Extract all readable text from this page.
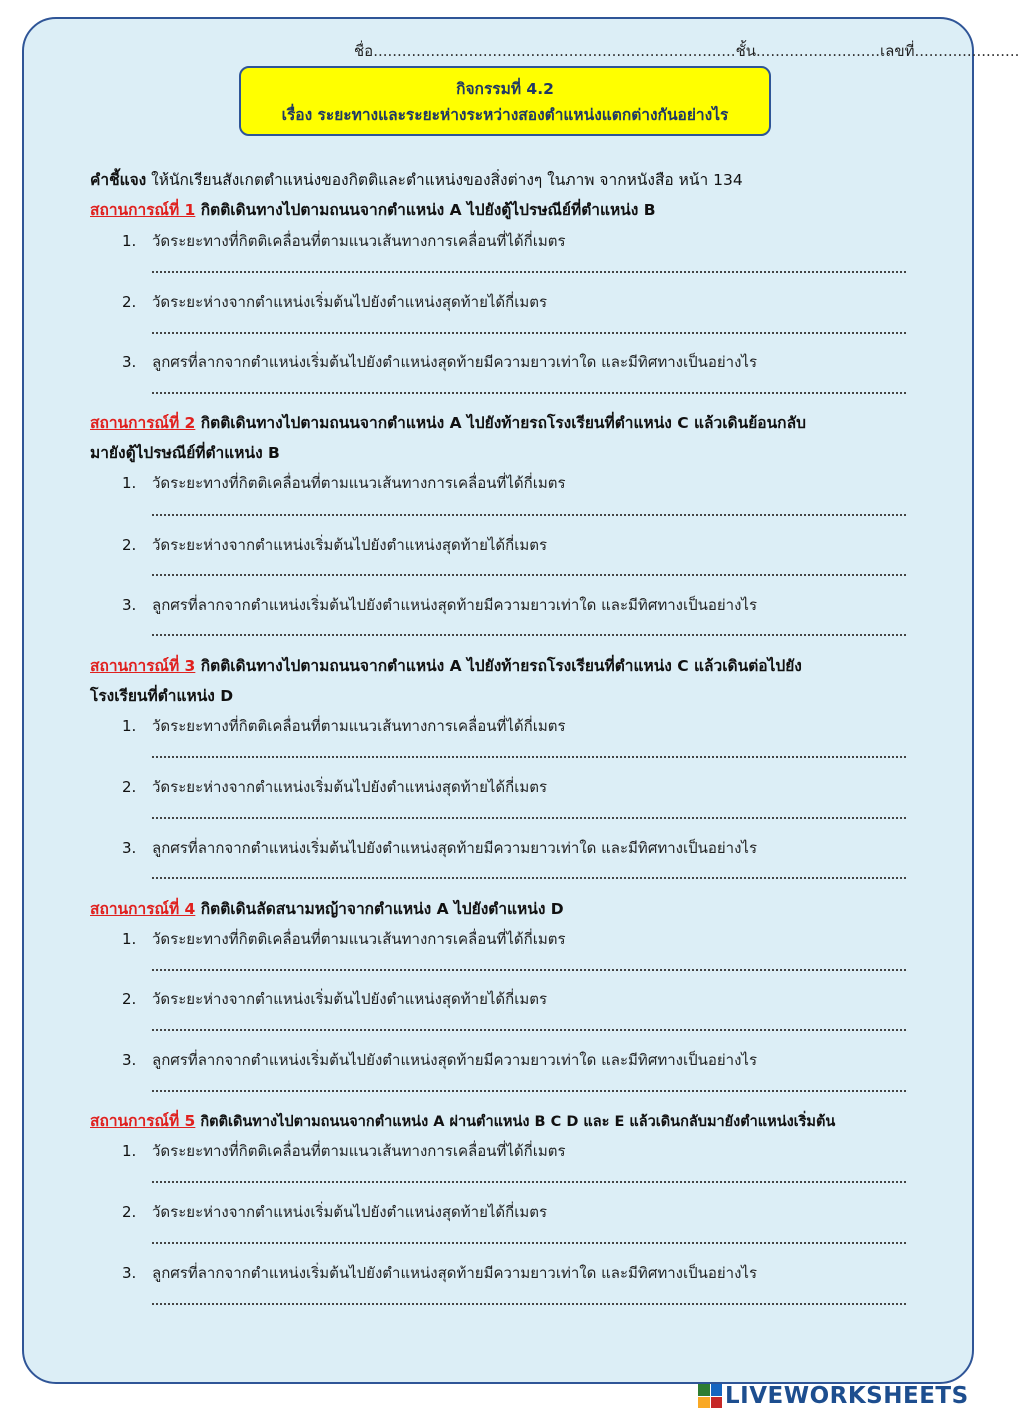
ชื่อ............................................................................ชั้น..........................เลขที่......................
กิจกรรมที่ 4.2
เรื่อง ระยะทางและระยะห่างระหว่างสองตำแหน่งแตกต่างกันอย่างไร
คำชี้แจง ให้นักเรียนสังเกตตำแหน่งของกิตติและตำแหน่งของสิ่งต่างๆ ในภาพ จากหนังสือ หน้า 134
สถานการณ์ที่ 1 กิตติเดินทางไปตามถนนจากตำแหน่ง A ไปยังตู้ไปรษณีย์ที่ตำแหน่ง B
1. วัดระยะทางที่กิตติเคลื่อนที่ตามแนวเส้นทางการเคลื่อนที่ได้กี่เมตร
2. วัดระยะห่างจากตำแหน่งเริ่มต้นไปยังตำแหน่งสุดท้ายได้กี่เมตร
3. ลูกศรที่ลากจากตำแหน่งเริ่มต้นไปยังตำแหน่งสุดท้ายมีความยาวเท่าใด และมีทิศทางเป็นอย่างไร
สถานการณ์ที่ 2 กิตติเดินทางไปตามถนนจากตำแหน่ง A ไปยังท้ายรถโรงเรียนที่ตำแหน่ง C แล้วเดินย้อนกลับ
มายังตู้ไปรษณีย์ที่ตำแหน่ง B
1. วัดระยะทางที่กิตติเคลื่อนที่ตามแนวเส้นทางการเคลื่อนที่ได้กี่เมตร
2. วัดระยะห่างจากตำแหน่งเริ่มต้นไปยังตำแหน่งสุดท้ายได้กี่เมตร
3. ลูกศรที่ลากจากตำแหน่งเริ่มต้นไปยังตำแหน่งสุดท้ายมีความยาวเท่าใด และมีทิศทางเป็นอย่างไร
สถานการณ์ที่ 3 กิตติเดินทางไปตามถนนจากตำแหน่ง A ไปยังท้ายรถโรงเรียนที่ตำแหน่ง C แล้วเดินต่อไปยัง
โรงเรียนที่ตำแหน่ง D
1. วัดระยะทางที่กิตติเคลื่อนที่ตามแนวเส้นทางการเคลื่อนที่ได้กี่เมตร
2. วัดระยะห่างจากตำแหน่งเริ่มต้นไปยังตำแหน่งสุดท้ายได้กี่เมตร
3. ลูกศรที่ลากจากตำแหน่งเริ่มต้นไปยังตำแหน่งสุดท้ายมีความยาวเท่าใด และมีทิศทางเป็นอย่างไร
สถานการณ์ที่ 4 กิตติเดินลัดสนามหญ้าจากตำแหน่ง A ไปยังตำแหน่ง D
1. วัดระยะทางที่กิตติเคลื่อนที่ตามแนวเส้นทางการเคลื่อนที่ได้กี่เมตร
2. วัดระยะห่างจากตำแหน่งเริ่มต้นไปยังตำแหน่งสุดท้ายได้กี่เมตร
3. ลูกศรที่ลากจากตำแหน่งเริ่มต้นไปยังตำแหน่งสุดท้ายมีความยาวเท่าใด และมีทิศทางเป็นอย่างไร
สถานการณ์ที่ 5 กิตติเดินทางไปตามถนนจากตำแหน่ง A ผ่านตำแหน่ง B C D และ E แล้วเดินกลับมายังตำแหน่งเริ่มต้น
1. วัดระยะทางที่กิตติเคลื่อนที่ตามแนวเส้นทางการเคลื่อนที่ได้กี่เมตร
2. วัดระยะห่างจากตำแหน่งเริ่มต้นไปยังตำแหน่งสุดท้ายได้กี่เมตร
3. ลูกศรที่ลากจากตำแหน่งเริ่มต้นไปยังตำแหน่งสุดท้ายมีความยาวเท่าใด และมีทิศทางเป็นอย่างไร
LIVEWORKSHEETS
